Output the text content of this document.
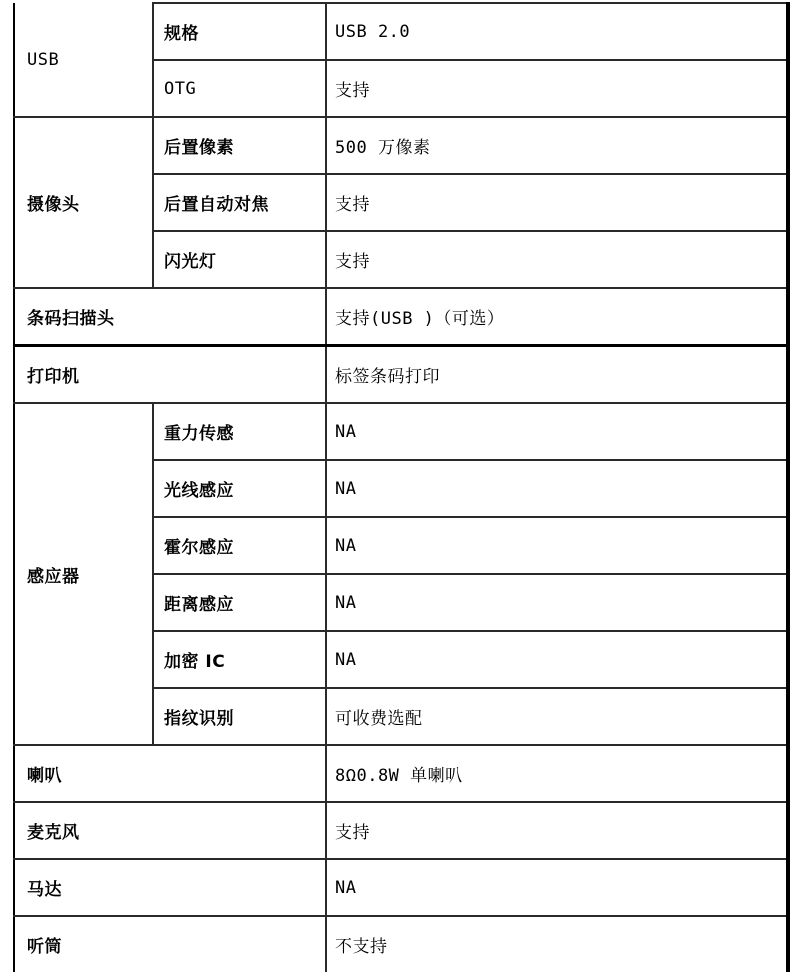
USB	规格	USB 2.0
	OTG	支持
摄像头	后置像素	500 万像素
	后置自动对焦	支持
	闪光灯	支持
条码扫描头		支持(USB )（可选）
打印机		标签条码打印
感应器	重力传感	NA
	光线感应	NA
	霍尔感应	NA
	距离感应	NA
	加密 IC	NA
	指纹识别	可收费选配
喇叭		8Ω0.8W 单喇叭
麦克风		支持
马达		NA
听筒		不支持
